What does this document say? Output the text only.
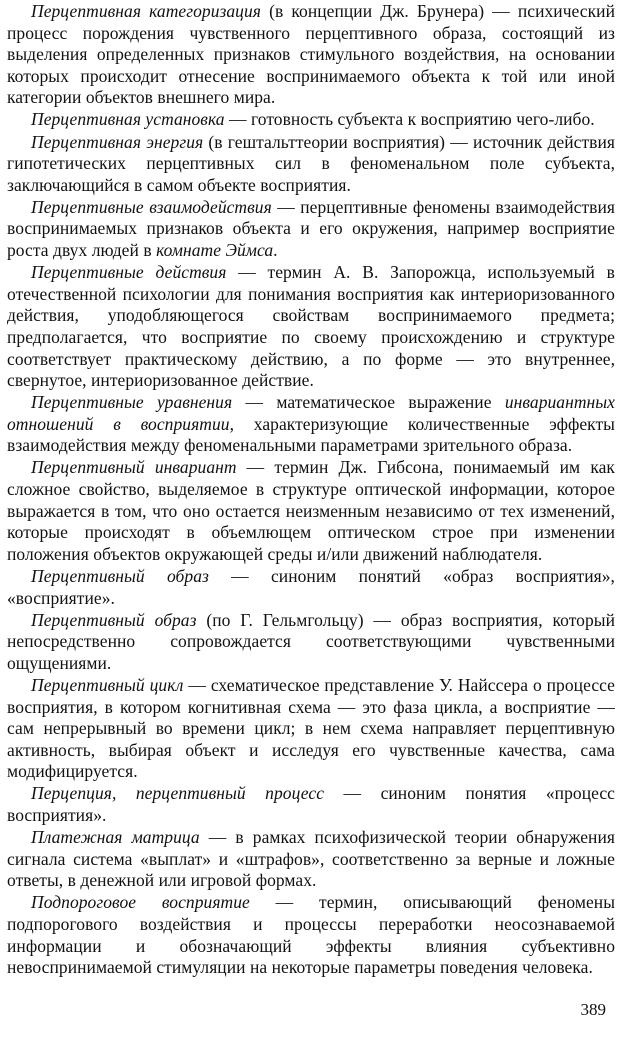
Перцептивная категоризация (в концепции Дж. Брунера) — психический процесс порождения чувственного перцептивного образа, состоящий из выделения определенных признаков стимульного воздействия, на основании которых происходит отнесение воспринимаемого объекта к той или иной категории объектов внешнего мира.

Перцептивная установка — готовность субъекта к восприятию чего-либо.

Перцептивная энергия (в гештальттеории восприятия) — источник действия гипотетических перцептивных сил в феноменальном поле субъекта, заключающийся в самом объекте восприятия.

Перцептивные взаимодействия — перцептивные феномены взаимодействия воспринимаемых признаков объекта и его окружения, например восприятие роста двух людей в комнате Эймса.

Перцептивные действия — термин А. В. Запорожца, используемый в отечественной психологии для понимания восприятия как интериоризованного действия, уподобляющегося свойствам воспринимаемого предмета; предполагается, что восприятие по своему происхождению и структуре соответствует практическому действию, а по форме — это внутреннее, свернутое, интериоризованное действие.

Перцептивные уравнения — математическое выражение инвариантных отношений в восприятии, характеризующие количественные эффекты взаимодействия между феноменальными параметрами зрительного образа.

Перцептивный инвариант — термин Дж. Гибсона, понимаемый им как сложное свойство, выделяемое в структуре оптической информации, которое выражается в том, что оно остается неизменным независимо от тех изменений, которые происходят в объемлющем оптическом строе при изменении положения объектов окружающей среды и/или движений наблюдателя.

Перцептивный образ — синоним понятий «образ восприятия», «восприятие».

Перцептивный образ (по Г. Гельмгольцу) — образ восприятия, который непосредственно сопровождается соответствующими чувственными ощущениями.

Перцептивный цикл — схематическое представление У. Найссера о процессе восприятия, в котором когнитивная схема — это фаза цикла, а восприятие — сам непрерывный во времени цикл; в нем схема направляет перцептивную активность, выбирая объект и исследуя его чувственные качества, сама модифицируется.

Перцепция, перцептивный процесс — синоним понятия «процесс восприятия».

Платежная матрица — в рамках психофизической теории обнаружения сигнала система «выплат» и «штрафов», соответственно за верные и ложные ответы, в денежной или игровой формах.

Подпороговое восприятие — термин, описывающий феномены подпорогового воздействия и процессы переработки неосознаваемой информации и обозначающий эффекты влияния субъективно невоспринимаемой стимуляции на некоторые параметры поведения человека.

389
